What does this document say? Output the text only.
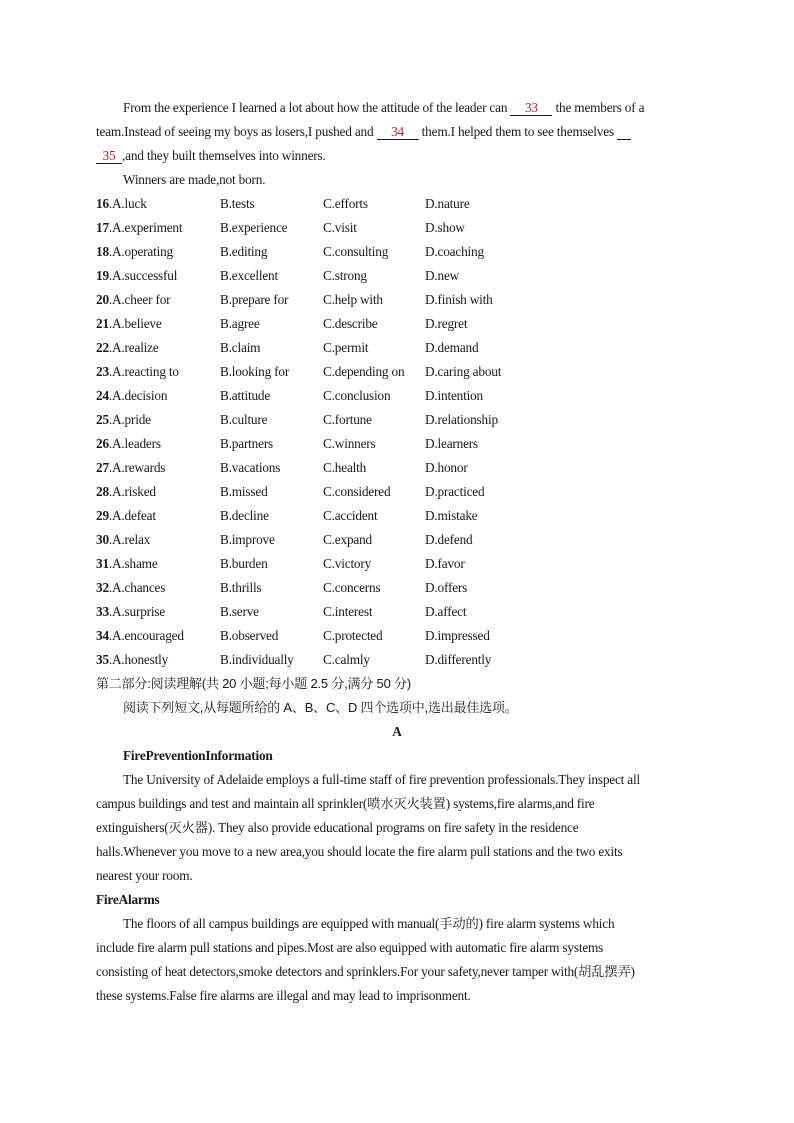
From the experience I learned a lot about how the attitude of the leader can 33 the members of a
team.Instead of seeing my boys as losers,I pushed and 34 them.I helped them to see themselves
35 ,and they built themselves into winners.
Winners are made,not born.
16.A.luck	B.tests	C.efforts	D.nature
17.A.experiment	B.experience	C.visit	D.show
18.A.operating	B.editing	C.consulting	D.coaching
19.A.successful	B.excellent	C.strong	D.new
20.A.cheer for	B.prepare for	C.help with	D.finish with
21.A.believe	B.agree	C.describe	D.regret
22.A.realize	B.claim	C.permit	D.demand
23.A.reacting to	B.looking for	C.depending on D.caring about
24.A.decision	B.attitude	C.conclusion	D.intention
25.A.pride	B.culture	C.fortune	D.relationship
26.A.leaders	B.partners	C.winners	D.learners
27.A.rewards	B.vacations	C.health	D.honor
28.A.risked	B.missed	C.considered	D.practiced
29.A.defeat	B.decline	C.accident	D.mistake
30.A.relax	B.improve	C.expand	D.defend
31.A.shame	B.burden	C.victory	D.favor
32.A.chances	B.thrills	C.concerns	D.offers
33.A.surprise	B.serve	C.interest	D.affect
34.A.encouraged	B.observed	C.protected	D.impressed
35.A.honestly	B.individually C.calmly	D.differently
第二部分:阅读理解(共 20 小题;每小题 2.5 分,满分 50 分)
阅读下列短文,从每题所给的 A、B、C、D 四个选项中,选出最佳选项。
A
FirePreventionInformation
The University of Adelaide employs a full-time staff of fire prevention professionals.They inspect all
campus buildings and test and maintain all sprinkler(喷水灭火装置) systems,fire alarms,and fire
extinguishers(灭火器). They also provide educational programs on fire safety in the residence
halls.Whenever you move to a new area,you should locate the fire alarm pull stations and the two exits
nearest your room.
FireAlarms
The floors of all campus buildings are equipped with manual(手动的) fire alarm systems which
include fire alarm pull stations and pipes.Most are also equipped with automatic fire alarm systems
consisting of heat detectors,smoke detectors and sprinklers.For your safety,never tamper with(胡乱摆弄)
these systems.False fire alarms are illegal and may lead to imprisonment.
